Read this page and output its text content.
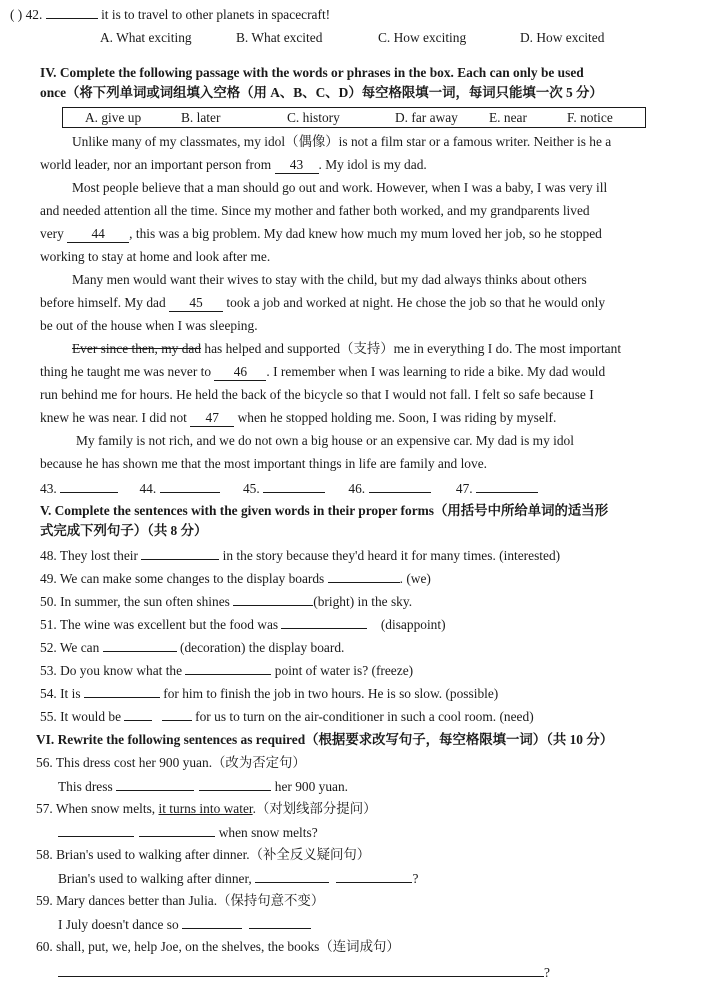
( ) 42.	it is to travel to other planets in spacecraft!
A. What exciting	B. What excited	C. How exciting	D. How excited
IV. Complete the following passage with the words or phrases in the box. Each can only be used
once（将下列单词或词组填入空格（用 A、B、C、D）每空格限填一词，每词只能填一次 5 分）
A. give up	B. later	C. history	D. far away E. near	F. notice
Unlike many of my classmates, my idol（偶像）is not a film star or a famous writer. Neither is he a
world leader, nor an important person from 43 . My idol is my dad.
Most people believe that a man should go out and work. However, when I was a baby, I was very ill
and needed attention all the time. Since my mother and father both worked, and my grandparents lived
very 44 , this was a big problem. My dad knew how much my mum loved her job, so he stopped
working to stay at home and look after me.
Many men would want their wives to stay with the child, but my dad always thinks about others
before himself. My dad 45 took a job and worked at night. He chose the job so that he would only
be out of the house when I was sleeping.
Ever since then, my dad has helped and supported（支持）me in everything I do. The most important
thing he taught me was never to 46 . I remember when I was learning to ride a bike. My dad would
run behind me for hours. He held the back of the bicycle so that I would not fall. I felt so safe because I
knew he was near. I did not 47 when he stopped holding me. Soon, I was riding by myself.
My family is not rich, and we do not own a big house or an expensive car. My dad is my idol
because he has shown me that the most important things in life are family and love.
43.	44.	45.	46.	47.
V. Complete the sentences with the given words in their proper forms（用括号中所给单词的适当形
式完成下列句子）（共 8 分）
48. They lost their	in the story because they'd heard it for many times. (interested)
49. We can make some changes to the display boards	. (we)
50. In summer, the sun often shines	(bright) in the sky.
51. The wine was excellent but the food was	(disappoint)
52. We can	(decoration) the display board.
53. Do you know what the	point of water is? (freeze)
54. It is	for him to finish the job in two hours. He is so slow. (possible)
55. It would be	for us to turn on the air-conditioner in such a cool room. (need)
VI. Rewrite the following sentences as required（根据要求改写句子，每空格限填一词）（共 10 分）
56. This dress cost her 900 yuan.（改为否定句）
This dress	her 900 yuan.
57. When snow melts, it turns into water.（对划线部分提问）
when snow melts?
58. Brian's used to walking after dinner.（补全反义疑问句）
Brian's used to walking after dinner,	?
59. Mary dances better than Julia.（保持句意不变）
I July doesn't dance so
60. shall, put, we, help Joe, on the shelves, the books（连词成句）
?
